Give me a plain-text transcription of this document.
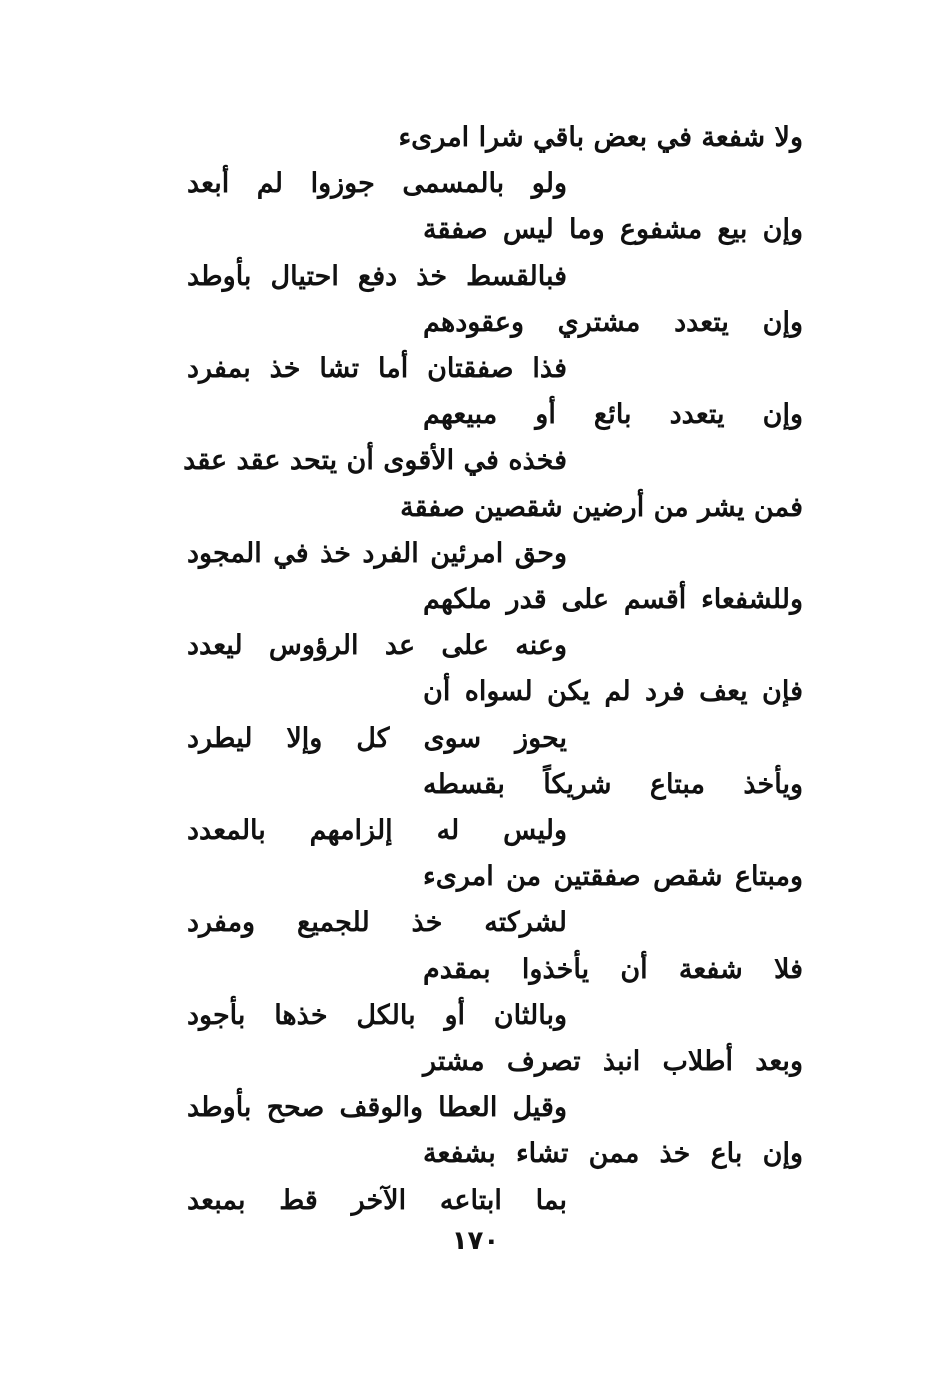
ولا شفعة في بعض باقي شرا امرىء
ولو بالمسمى جوزوا لم أبعد
وإن بيع مشفوع وما ليس صفقة
فبالقسط خذ دفع احتيال بأوطد
وإن يتعدد مشتري وعقودهم
فذا صفقتان أما تشا خذ بمفرد
وإن يتعدد بائع أو مبيعهم
فخذه في الأقوى أن يتحد عقد عقد
فمن يشر من أرضين شقصين صفقة
وحق امرئين الفرد خذ في المجود
وللشفعاء أقسم على قدر ملكهم
وعنه على عد الرؤوس ليعدد
فإن يعف فرد لم يكن لسواه أن
يحوز سوى كل وإلا ليطرد
ويأخذ مبتاع شريكاً بقسطه
وليس له إلزامهم بالمعدد
ومبتاع شقص صفقتين من امرىء
لشركته خذ للجميع ومفرد
فلا شفعة أن يأخذوا بمقدم
وبالثان أو بالكل خذها بأجود
وبعد أطلاب انبذ تصرف مشتر
وقيل العطا والوقف صحح بأوطد
وإن باع خذ ممن تشاء بشفعة
بما ابتاعه الآخر قط بمبعد
١٧٠
